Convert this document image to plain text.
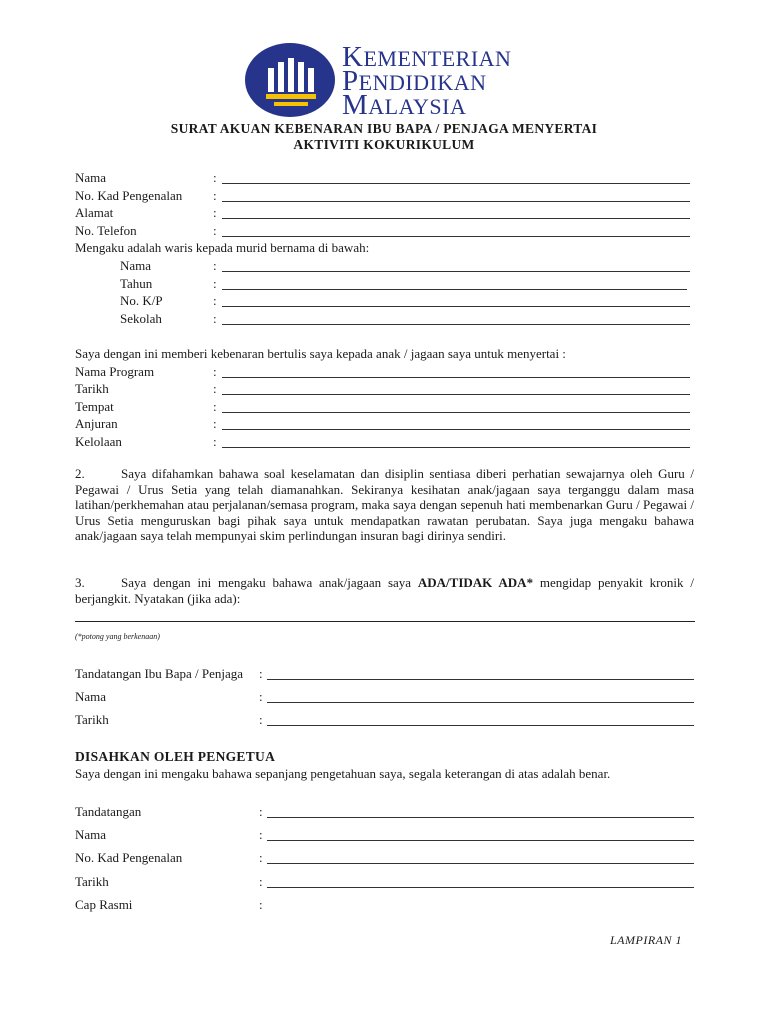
KEMENTERIAN
PENDIDIKAN
MALAYSIA
SURAT AKUAN KEBENARAN IBU BAPA / PENJAGA MENYERTAI
AKTIVITI KOKURIKULUM
Nama	:
No. Kad Pengenalan :
Alamat	:
No. Telefon	:
Mengaku adalah waris kepada murid bernama di bawah:
Nama	:
Tahun	:
No. K/P	:
Sekolah	:
Saya dengan ini memberi kebenaran bertulis saya kepada anak / jagaan saya untuk menyertai :
Nama Program	:
Tarikh	:
Tempat	:
Anjuran	:
Kelolaan	:
2.	Saya difahamkan bahawa soal keselamatan dan disiplin sentiasa diberi perhatian sewajarnya oleh Guru / Pegawai / Urus Setia yang telah diamanahkan. Sekiranya kesihatan anak/jagaan saya terganggu dalam masa latihan/perkhemahan atau perjalanan/semasa program, maka saya dengan sepenuh hati membenarkan Guru / Pegawai / Urus Setia menguruskan bagi pihak saya untuk mendapatkan rawatan perubatan. Saya juga mengaku bahawa anak/jagaan saya telah mempunyai skim perlindungan insuran bagi dirinya sendiri.
3.	Saya dengan ini mengaku bahawa anak/jagaan saya ADA/TIDAK ADA* mengidap penyakit kronik / berjangkit. Nyatakan (jika ada):
(*potong yang berkenaan)
Tandatangan Ibu Bapa / Penjaga :
Nama	:
Tarikh	:
DISAHKAN OLEH PENGETUA
Saya dengan ini mengaku bahawa sepanjang pengetahuan saya, segala keterangan di atas adalah benar.
Tandatangan	:
Nama	:
No. Kad Pengenalan	:
Tarikh	:
Cap Rasmi	:
LAMPIRAN 1
